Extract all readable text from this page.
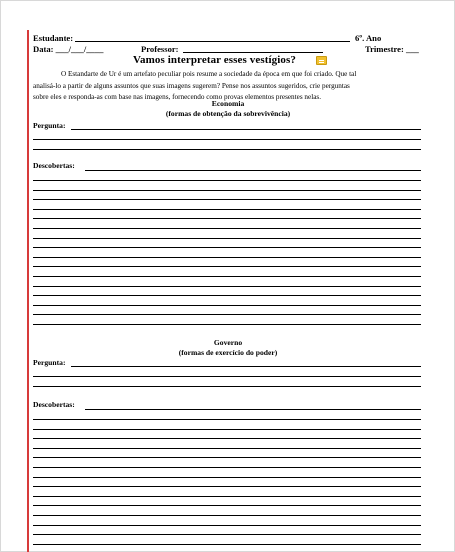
Estudante:	6º. Ano
Data: ___/___/____	Professor:	Trimestre: ___
Vamos interpretar esses vestígios?
O Estandarte de Ur é um artefato peculiar pois resume a sociedade da época em que foi criado. Que tal
analisá-lo a partir de alguns assuntos que suas imagens sugerem? Pense nos assuntos sugeridos, crie perguntas
sobre eles e responda-as com base nas imagens, fornecendo como provas elementos presentes nelas.
Economia
(formas de obtenção da sobrevivência)
Pergunta:
Descobertas:
Governo
(formas de exercício do poder)
Pergunta:
Descobertas:
